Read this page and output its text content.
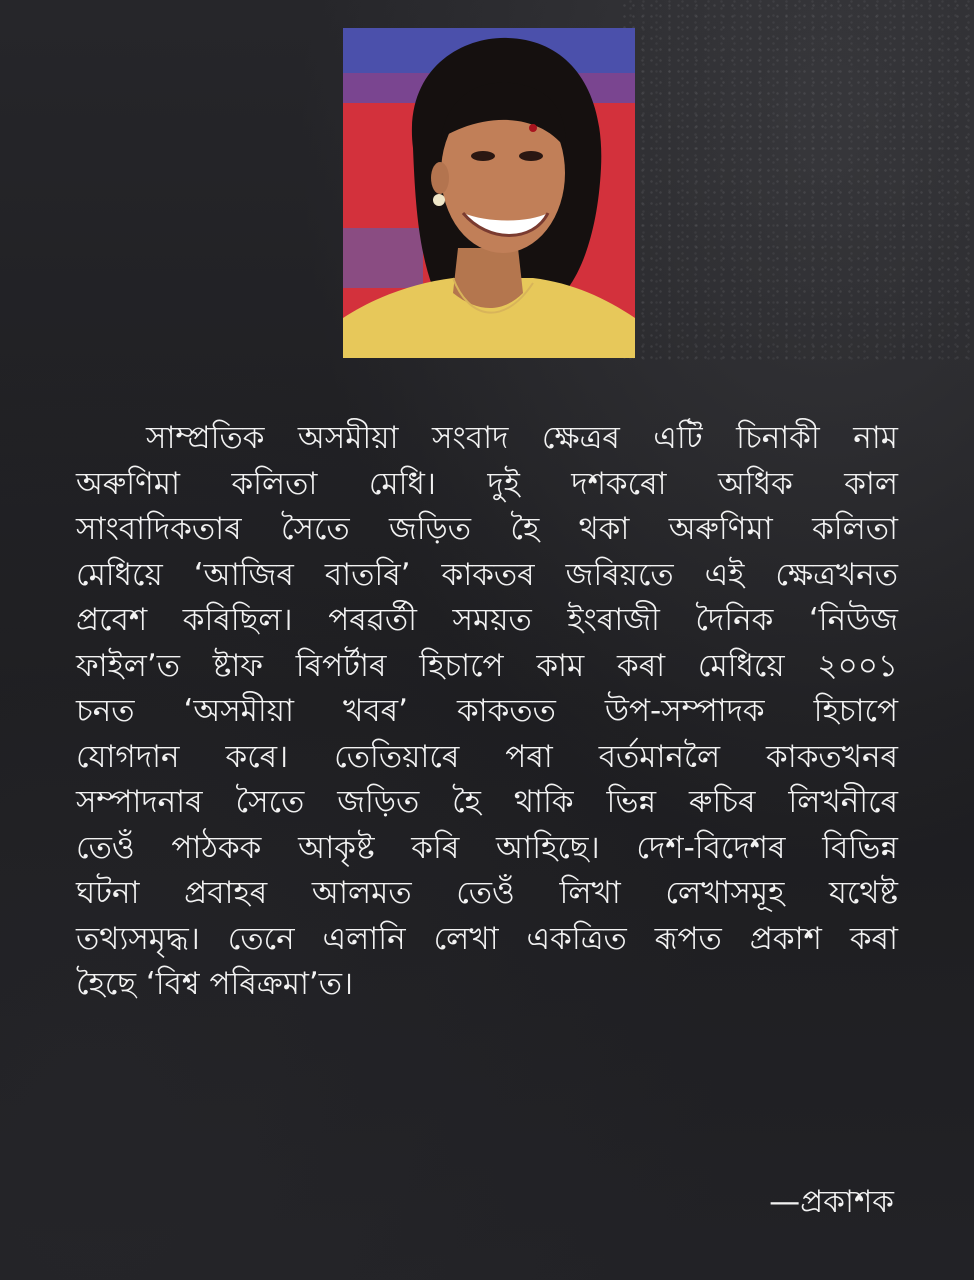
সাম্প্ৰতিক অসমীয়া সংবাদ ক্ষেত্ৰৰ এটি চিনাকী নাম
অৰুণিমা কলিতা মেধি। দুই দশকৰো অধিক কাল
সাংবাদিকতাৰ সৈতে জড়িত হৈ থকা অৰুণিমা কলিতা
মেধিয়ে ‘আজিৰ বাতৰি’ কাকতৰ জৰিয়তে এই ক্ষেত্ৰখনত
প্ৰবেশ কৰিছিল। পৰৱৰ্তী সময়ত ইংৰাজী দৈনিক ‘নিউজ
ফাইল’ত ষ্টাফ ৰিপৰ্টাৰ হিচাপে কাম কৰা মেধিয়ে ২০০১
চনত ‘অসমীয়া খবৰ’ কাকতত উপ-সম্পাদক হিচাপে
যোগদান কৰে। তেতিয়াৰে পৰা বৰ্তমানলৈ কাকতখনৰ
সম্পাদনাৰ সৈতে জড়িত হৈ থাকি ভিন্ন ৰুচিৰ লিখনীৰে
তেওঁ পাঠকক আকৃষ্ট কৰি আহিছে। দেশ-বিদেশৰ বিভিন্ন
ঘটনা প্ৰবাহৰ আলমত তেওঁ লিখা লেখাসমূহ যথেষ্ট
তথ্যসমৃদ্ধ। তেনে এলানি লেখা একত্ৰিত ৰূপত প্ৰকাশ কৰা
হৈছে ‘বিশ্ব পৰিক্ৰমা’ত।

—প্ৰকাশক
